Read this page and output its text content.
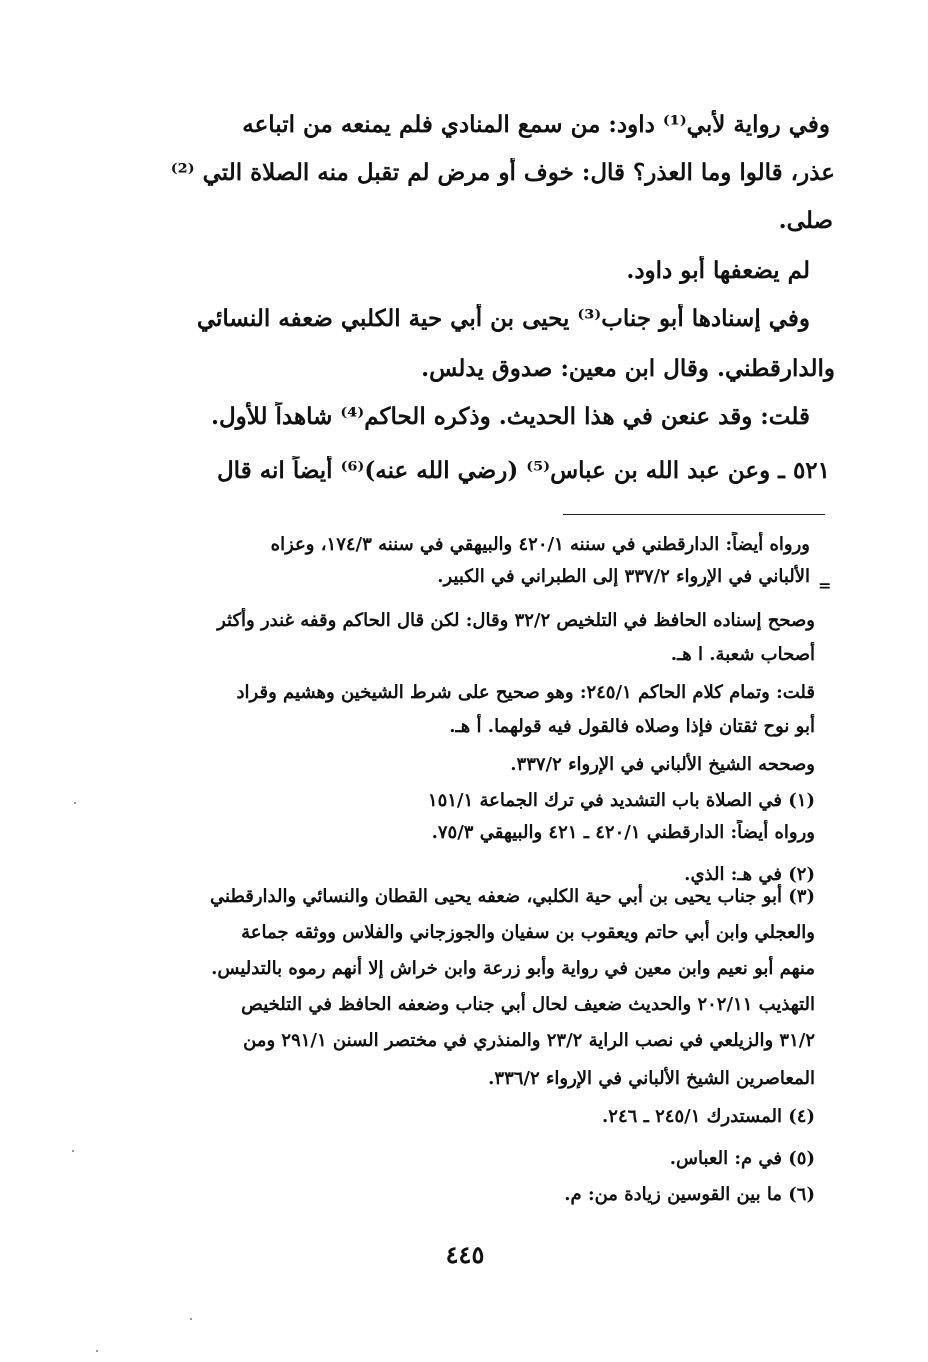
وفي رواية لأبي⁽¹⁾ داود: من سمع المنادي فلم يمنعه من اتباعه
عذر، قالوا وما العذر؟ قال: خوف أو مرض لم تقبل منه الصلاة التي ⁽²⁾
صلى.
لم يضعفها أبو داود.
وفي إسنادها أبو جناب⁽³⁾ يحيى بن أبي حية الكلبي ضعفه النسائي
والدارقطني. وقال ابن معين: صدوق يدلس.
قلت: وقد عنعن في هذا الحديث. وذكره الحاكم⁽⁴⁾ شاهداً للأول.
٥٢١ ـ وعن عبد الله بن عباس⁽⁵⁾ (رضي الله عنه)⁽⁶⁾ أيضاً انه قال
=
ورواه أيضاً: الدارقطني في سننه ٤٢٠/١ والبيهقي في سننه ١٧٤/٣، وعزاه
الألباني في الإرواء ٣٣٧/٢ إلى الطبراني في الكبير.
وصحح إسناده الحافظ في التلخيص ٣٢/٢ وقال: لكن قال الحاكم وقفه غندر وأكثر
أصحاب شعبة. ا هـ.
قلت: وتمام كلام الحاكم ٢٤٥/١: وهو صحيح على شرط الشيخين وهشيم وقراد
أبو نوح ثقتان فإذا وصلاه فالقول فيه قولهما. أ هـ.
وصححه الشيخ الألباني في الإرواء ٣٣٧/٢.
(١) في الصلاة باب التشديد في ترك الجماعة ١٥١/١
ورواه أيضاً: الدارقطني ٤٢٠/١ ـ ٤٢١ والبيهقي ٧٥/٣.
(٢) في هـ: الذي.
(٣) أبو جناب يحيى بن أبي حية الكلبي، ضعفه يحيى القطان والنسائي والدارقطني
والعجلي وابن أبي حاتم ويعقوب بن سفيان والجوزجاني والفلاس ووثقه جماعة
منهم أبو نعيم وابن معين في رواية وأبو زرعة وابن خراش إلا أنهم رموه بالتدليس.
التهذيب ٢٠٢/١١ والحديث ضعيف لحال أبي جناب وضعفه الحافظ في التلخيص
٣١/٢ والزيلعي في نصب الراية ٢٣/٢ والمنذري في مختصر السنن ٢٩١/١ ومن
المعاصرين الشيخ الألباني في الإرواء ٣٣٦/٢.
(٤) المستدرك ٢٤٥/١ ـ ٢٤٦.
(٥) في م: العباس.
(٦) ما بين القوسين زيادة من: م.
٤٤٥
